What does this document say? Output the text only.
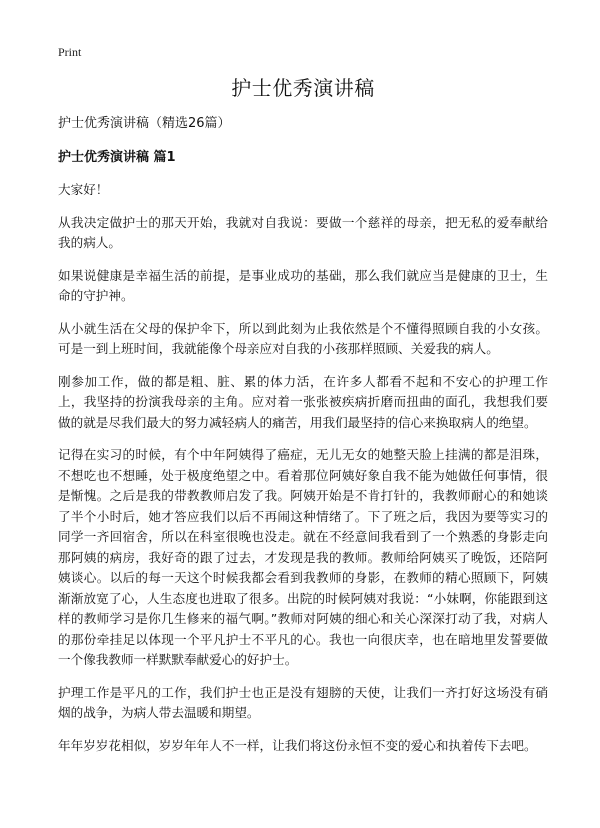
Print
护士优秀演讲稿
护士优秀演讲稿（精选26篇）
护士优秀演讲稿 篇1

大家好！

从我决定做护士的那天开始，我就对自我说：要做一个慈祥的母亲，把无私的爱奉献给我的病人。

如果说健康是幸福生活的前提，是事业成功的基础，那么我们就应当是健康的卫士，生命的守护神。

从小就生活在父母的保护伞下，所以到此刻为止我依然是个不懂得照顾自我的小女孩。可是一到上班时间，我就能像个母亲应对自我的小孩那样照顾、关爱我的病人。

刚参加工作，做的都是粗、脏、累的体力活，在许多人都看不起和不安心的护理工作上，我坚持的扮演我母亲的主角。应对着一张张被疾病折磨而扭曲的面孔，我想我们要做的就是尽我们最大的努力减轻病人的痛苦，用我们最坚持的信心来换取病人的绝望。

记得在实习的时候，有个中年阿姨得了癌症，无儿无女的她整天脸上挂满的都是泪珠，不想吃也不想睡，处于极度绝望之中。看着那位阿姨好象自我不能为她做任何事情，很是惭愧。之后是我的带教教师启发了我。阿姨开始是不肯打针的，我教师耐心的和她谈了半个小时后，她才答应我们以后不再闹这种情绪了。下了班之后，我因为要等实习的同学一齐回宿舍，所以在科室很晚也没走。就在不经意间我看到了一个熟悉的身影走向那阿姨的病房，我好奇的跟了过去，才发现是我的教师。教师给阿姨买了晚饭，还陪阿姨谈心。以后的每一天这个时候我都会看到我教师的身影，在教师的精心照顾下，阿姨渐渐放宽了心，人生态度也进取了很多。出院的时候阿姨对我说：“小妹啊，你能跟到这样的教师学习是你几生修来的福气啊。”教师对阿姨的细心和关心深深打动了我，对病人的那份牵挂足以体现一个平凡护士不平凡的心。我也一向很庆幸，也在暗地里发誓要做一个像我教师一样默默奉献爱心的好护士。

护理工作是平凡的工作，我们护士也正是没有翅膀的天使，让我们一齐打好这场没有硝烟的战争，为病人带去温暖和期望。

年年岁岁花相似，岁岁年年人不一样，让我们将这份永恒不变的爱心和执着传下去吧。
